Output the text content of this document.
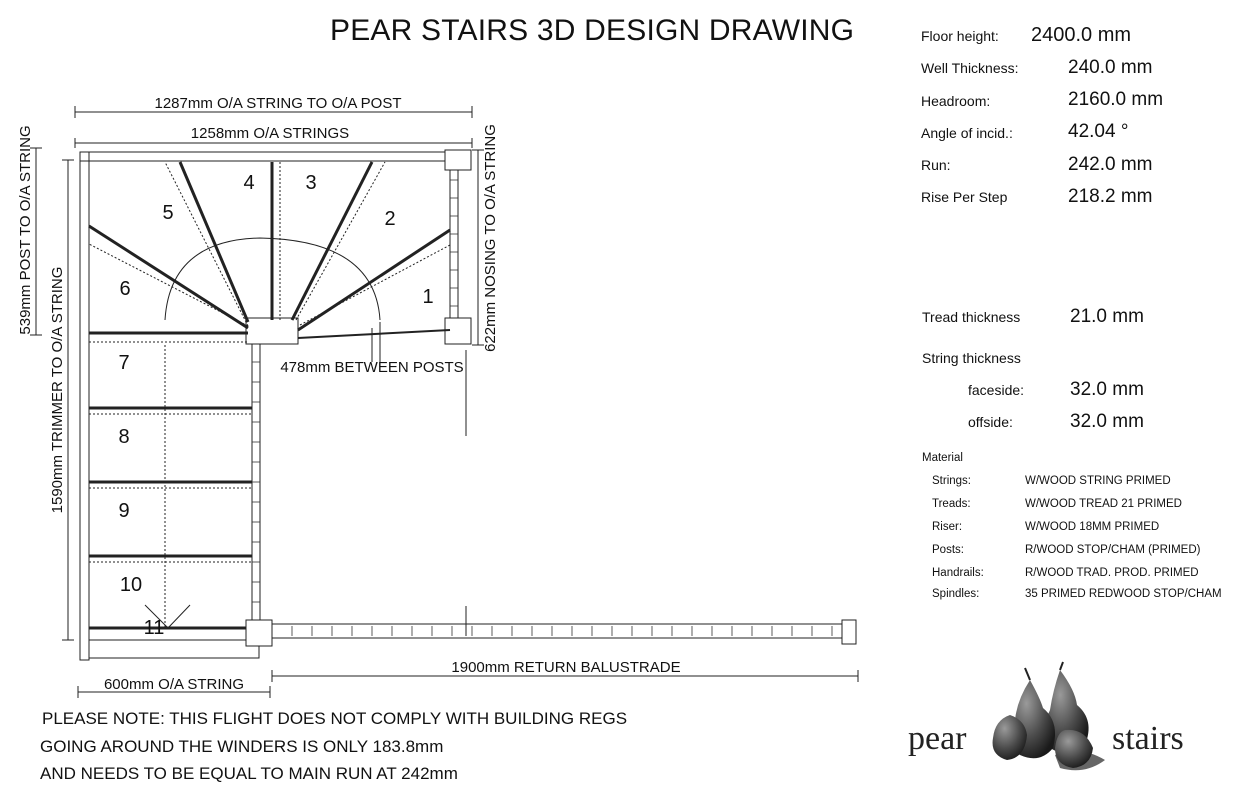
PEAR STAIRS 3D DESIGN DRAWING	Floor height: 2400.0 mm
Well Thickness:	240.0 mm
Headroom:	2160.0 mm
Angle of incid.:	42.04 °
Run:	242.0 mm
Rise Per Step	218.2 mm
Tread thickness	21.0 mm
String thickness
faceside: 32.0 mm
offside:	32.0 mm
Material
Strings:	W/WOOD STRING PRIMED
Treads:	W/WOOD TREAD 21 PRIMED
Riser:	W/WOOD 18MM PRIMED
Posts:	R/WOOD STOP/CHAM (PRIMED)
Handrails:	R/WOOD TRAD. PROD. PRIMED
Spindles:	35 PRIMED REDWOOD STOP/CHAM
1287mm O/A STRING TO O/A POST
1258mm O/A STRINGS
539mm POST TO O/A STRING
1590mm TRIMMER TO O/A STRING
622mm NOSING TO O/A STRING
478mm BETWEEN POSTS
600mm O/A STRING
1900mm RETURN BALUSTRADE
1
2
3
4
5
6
7
8
9
10
11
PLEASE NOTE: THIS FLIGHT DOES NOT COMPLY WITH BUILDING REGS
GOING AROUND THE WINDERS IS ONLY 183.8mm
AND NEEDS TO BE EQUAL TO MAIN RUN AT 242mm
pear	stairs
